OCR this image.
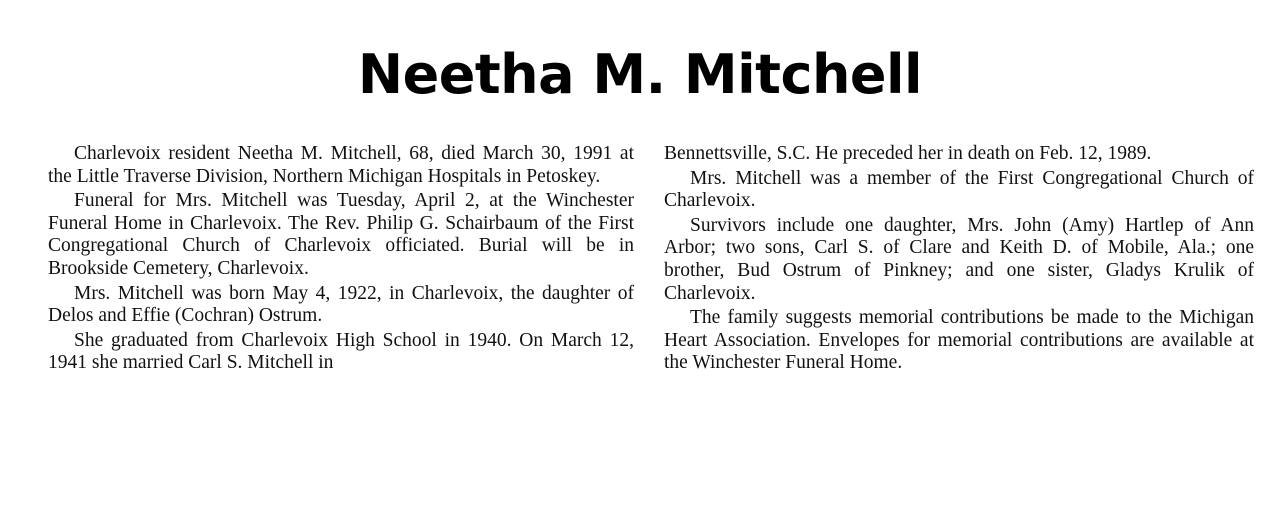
Neetha M. Mitchell

Charlevoix resident Neetha M. Mitchell, 68, died March 30, 1991 at the Little Traverse Division, Northern Michigan Hospitals in Petoskey.

Funeral for Mrs. Mitchell was Tuesday, April 2, at the Winchester Funeral Home in Charlevoix. The Rev. Philip G. Schairbaum of the First Congregational Church of Charlevoix officiated. Burial will be in Brookside Cemetery, Charlevoix.

Mrs. Mitchell was born May 4, 1922, in Charlevoix, the daughter of Delos and Effie (Cochran) Ostrum.

She graduated from Charlevoix High School in 1940. On March 12, 1941 she married Carl S. Mitchell in

Bennettsville, S.C. He preceded her in death on Feb. 12, 1989.

Mrs. Mitchell was a member of the First Congregational Church of Charlevoix.

Survivors include one daughter, Mrs. John (Amy) Hartlep of Ann Arbor; two sons, Carl S. of Clare and Keith D. of Mobile, Ala.; one brother, Bud Ostrum of Pinkney; and one sister, Gladys Krulik of Charlevoix.

The family suggests memorial contributions be made to the Michigan Heart Association. Envelopes for memorial contributions are available at the Winchester Funeral Home.
